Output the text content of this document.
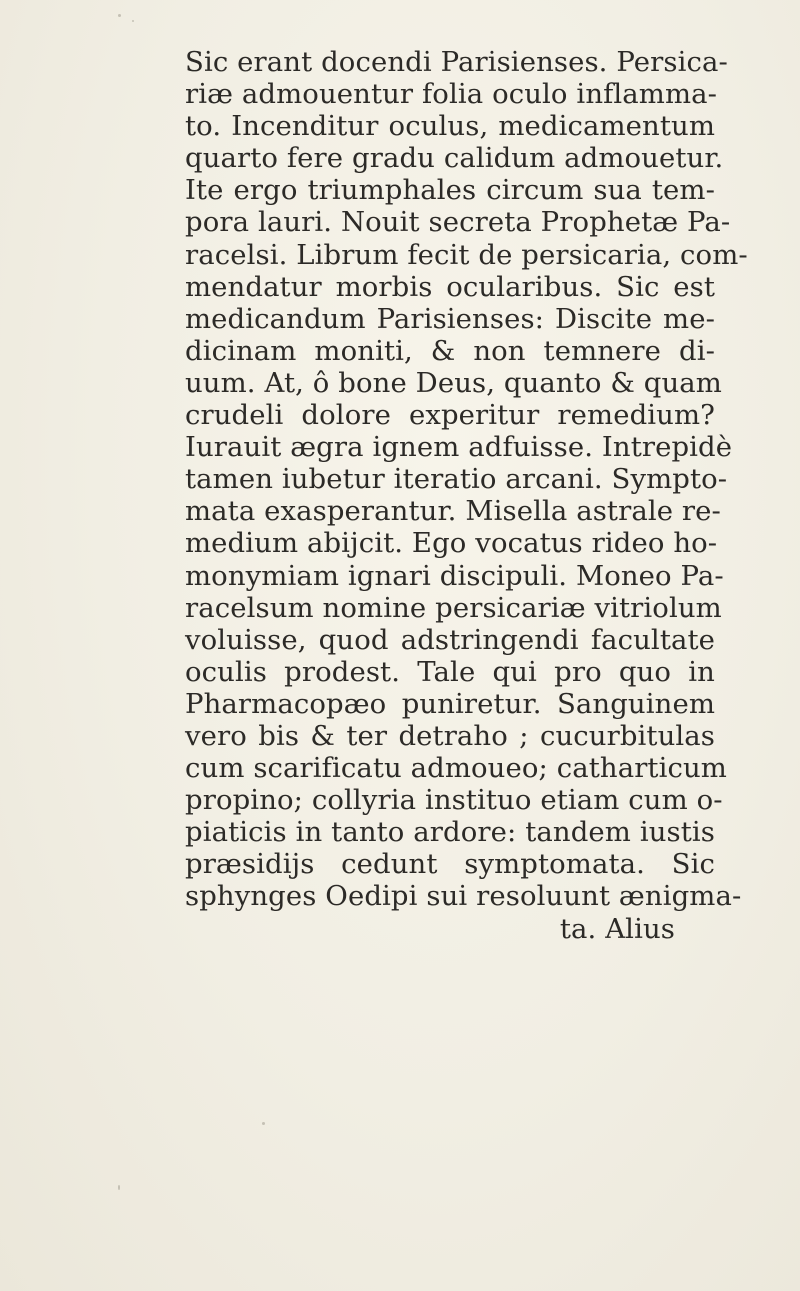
Sic erant docendi Parisienses. Persica-
riæ admouentur folia oculo inflamma-
to. Incenditur oculus, medicamentum
quarto fere gradu calidum admouetur.
Ite ergo triumphales circum sua tem-
pora lauri. Nouit secreta Prophetæ Pa-
racelsi. Librum fecit de persicaria, com-
mendatur morbis ocularibus. Sic est
medicandum Parisienses: Discite me-
dicinam moniti, & non temnere di-
uum. At, ô bone Deus, quanto & quam
crudeli dolore experitur remedium?
Iurauit ægra ignem adfuisse. Intrepidè
tamen iubetur iteratio arcani. Sympto-
mata exasperantur. Misella astrale re-
medium abijcit. Ego vocatus rideo ho-
monymiam ignari discipuli. Moneo Pa-
racelsum nomine persicariæ vitriolum
voluisse, quod adstringendi facultate
oculis prodest. Tale qui pro quo in
Pharmacopæo puniretur. Sanguinem
vero bis & ter detraho ; cucurbitulas
cum scarificatu admoueo; catharticum
propino; collyria instituo etiam cum o-
piaticis in tanto ardore: tandem iustis
præsidijs cedunt symptomata. Sic
sphynges Oedipi sui resoluunt ænigma-
ta. Alius
